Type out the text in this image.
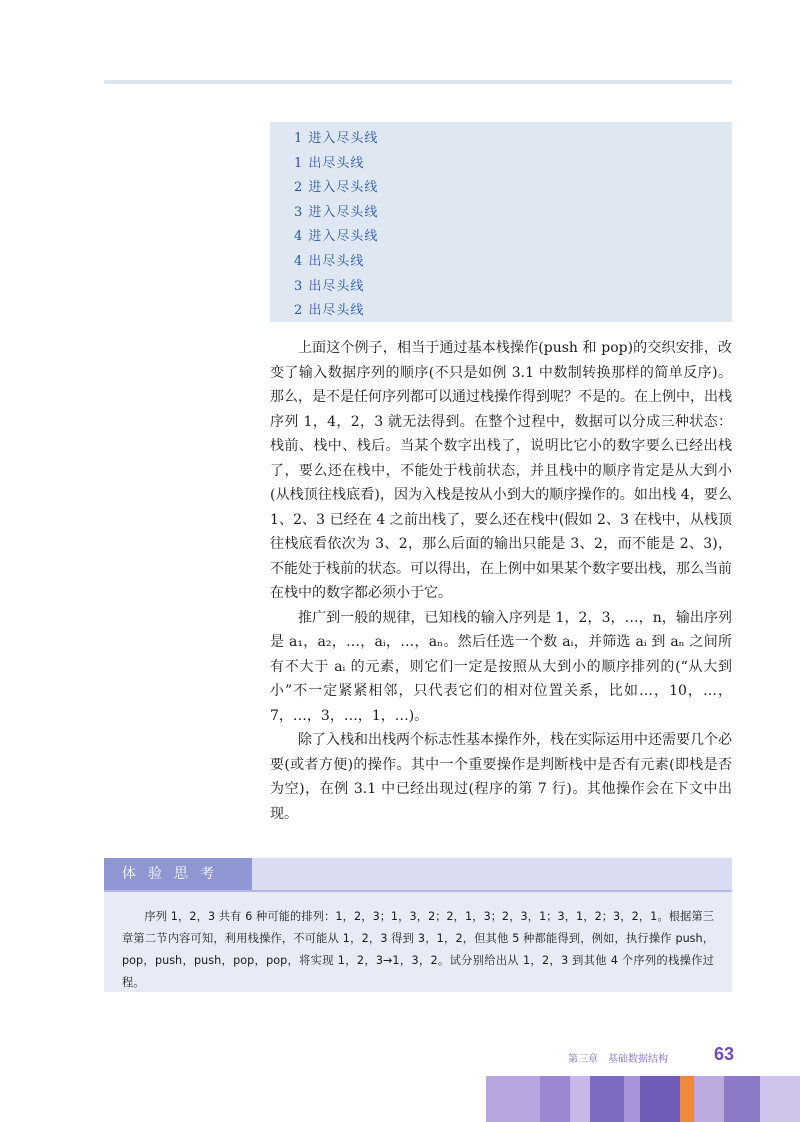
1 进入尽头线
1 出尽头线
2 进入尽头线
3 进入尽头线
4 进入尽头线
4 出尽头线
3 出尽头线
2 出尽头线

上面这个例子，相当于通过基本栈操作(push 和 pop)的交织安排，改变了输入数据序列的顺序(不只是如例 3.1 中数制转换那样的简单反序)。那么，是不是任何序列都可以通过栈操作得到呢？不是的。在上例中，出栈序列 1，4，2，3 就无法得到。在整个过程中，数据可以分成三种状态：栈前、栈中、栈后。当某个数字出栈了，说明比它小的数字要么已经出栈了，要么还在栈中，不能处于栈前状态，并且栈中的顺序肯定是从大到小(从栈顶往栈底看)，因为入栈是按从小到大的顺序操作的。如出栈 4，要么 1、2、3 已经在 4 之前出栈了，要么还在栈中(假如 2、3 在栈中，从栈顶往栈底看依次为 3、2，那么后面的输出只能是 3、2，而不能是 2、3)，不能处于栈前的状态。可以得出，在上例中如果某个数字要出栈，那么当前在栈中的数字都必须小于它。

推广到一般的规律，已知栈的输入序列是 1，2，3，…，n，输出序列是 a₁，a₂，…，aᵢ，…，aₙ。然后任选一个数 aᵢ，并筛选 aᵢ 到 aₙ 之间所有不大于 aᵢ 的元素，则它们一定是按照从大到小的顺序排列的(“从大到小”不一定紧紧相邻，只代表它们的相对位置关系，比如…，10，…，7，…，3，…，1，…)。

除了入栈和出栈两个标志性基本操作外，栈在实际运用中还需要几个必要(或者方便)的操作。其中一个重要操作是判断栈中是否有元素(即栈是否为空)，在例 3.1 中已经出现过(程序的第 7 行)。其他操作会在下文中出现。

体验思考
序列 1，2，3 共有 6 种可能的排列：1，2，3；1，3，2；2，1，3；2，3，1；3，1，2；3，2，1。根据第三章第二节内容可知，利用栈操作，不可能从 1，2，3 得到 3，1，2，但其他 5 种都能得到，例如，执行操作 push，pop，push，push，pop，pop，将实现 1，2，3→1，3，2。试分别给出从 1，2，3 到其他 4 个序列的栈操作过程。
第三章 基础数据结构	63
